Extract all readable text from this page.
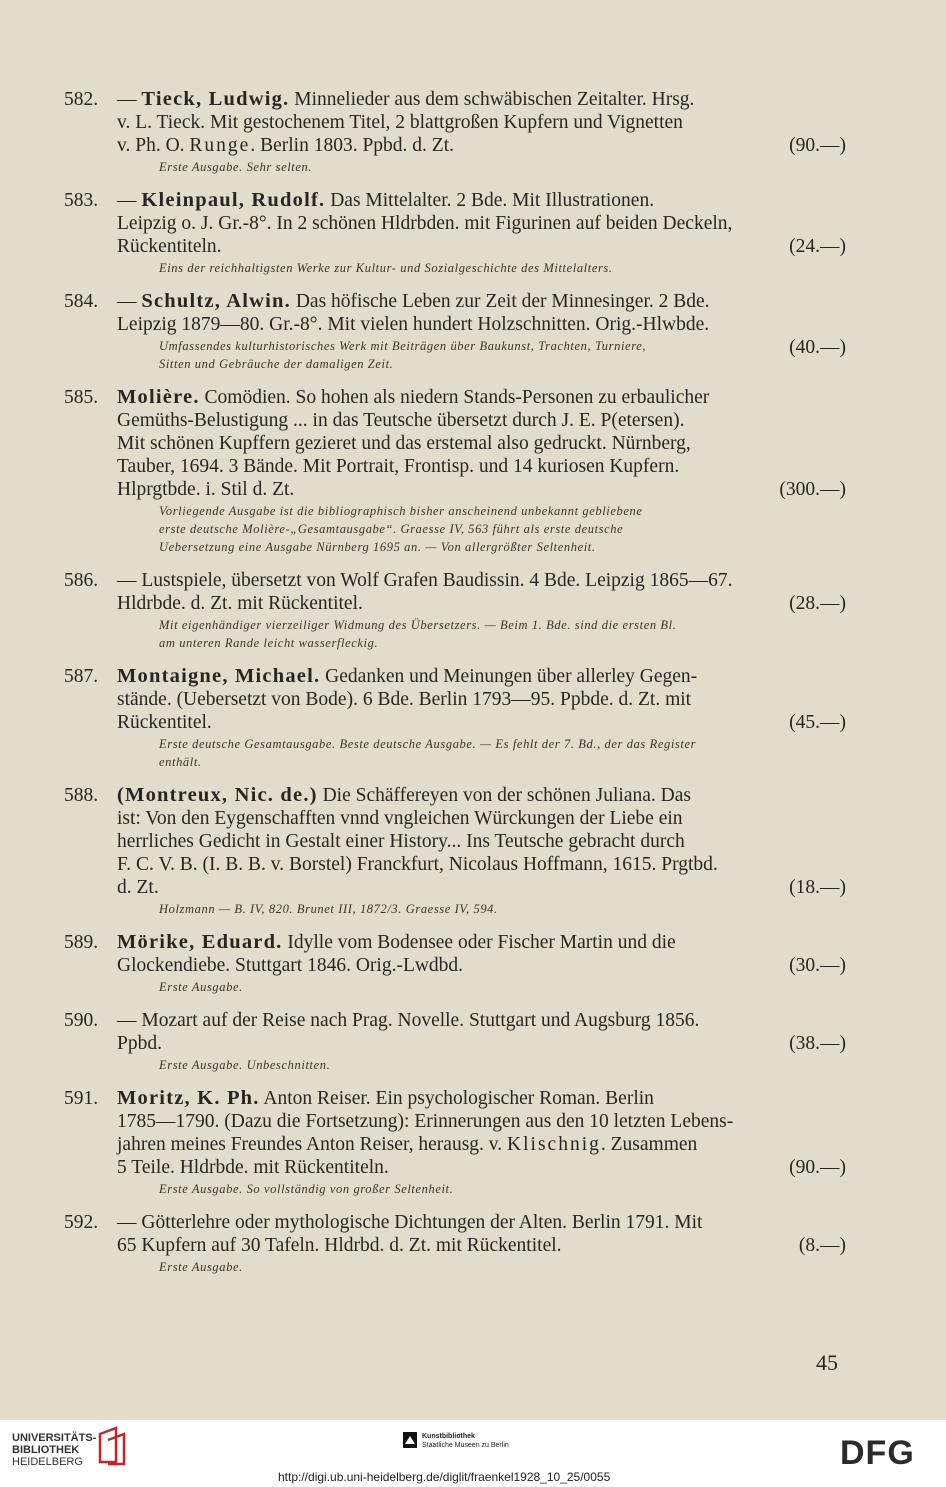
582. — Tieck, Ludwig. Minnelieder aus dem schwäbischen Zeitalter. Hrsg.
v. L. Tieck. Mit gestochenem Titel, 2 blattgroßen Kupfern und Vignetten
v. Ph. O. Runge. Berlin 1803. Ppbd. d. Zt.	(90.—)
Erste Ausgabe. Sehr selten.
583. — Kleinpaul, Rudolf. Das Mittelalter. 2 Bde. Mit Illustrationen.
Leipzig o. J. Gr.-8°. In 2 schönen Hldrbden. mit Figurinen auf beiden Deckeln,
Rückentiteln.	(24.—)
Eins der reichhaltigsten Werke zur Kultur- und Sozialgeschichte des Mittelalters.
584. — Schultz, Alwin. Das höfische Leben zur Zeit der Minnesinger. 2 Bde.
Leipzig 1879—80. Gr.-8°. Mit vielen hundert Holzschnitten. Orig.-Hlwbde.
(40.—)
Umfassendes kulturhistorisches Werk mit Beiträgen über Baukunst, Trachten, Turniere,
Sitten und Gebräuche der damaligen Zeit.
585. Molière. Comödien. So hohen als niedern Stands-Personen zu erbaulicher
Gemüths-Belustigung ... in das Teutsche übersetzt durch J. E. P(etersen).
Mit schönen Kupffern gezieret und das erstemal also gedruckt. Nürnberg,
Tauber, 1694. 3 Bände. Mit Portrait, Frontisp. und 14 kuriosen Kupfern.
Hlprgtbde. i. Stil d. Zt.	(300.—)
Vorliegende Ausgabe ist die bibliographisch bisher anscheinend unbekannt gebliebene
erste deutsche Molière-„Gesamtausgabe“. Graesse IV, 563 führt als erste deutsche
Uebersetzung eine Ausgabe Nürnberg 1695 an. — Von allergrößter Seltenheit.
586. — Lustspiele, übersetzt von Wolf Grafen Baudissin. 4 Bde. Leipzig 1865—67.
Hldrbde. d. Zt. mit Rückentitel.	(28.—)
Mit eigenhändiger vierzeiliger Widmung des Übersetzers. — Beim 1. Bde. sind die ersten Bl.
am unteren Rande leicht wasserfleckig.
587. Montaigne, Michael. Gedanken und Meinungen über allerley Gegen-
stände. (Uebersetzt von Bode). 6 Bde. Berlin 1793—95. Ppbde. d. Zt. mit
Rückentitel.	(45.—)
Erste deutsche Gesamtausgabe. Beste deutsche Ausgabe. — Es fehlt der 7. Bd., der das Register
enthält.
588. (Montreux, Nic. de.) Die Schäffereyen von der schönen Juliana. Das
ist: Von den Eygenschafften vnnd vngleichen Würckungen der Liebe ein
herrliches Gedicht in Gestalt einer History... Ins Teutsche gebracht durch
F. C. V. B. (I. B. B. v. Borstel) Franckfurt, Nicolaus Hoffmann, 1615. Prgtbd.
d. Zt.	(18.—)
Holzmann — B. IV, 820. Brunet III, 1872/3. Graesse IV, 594.
589. Mörike, Eduard. Idylle vom Bodensee oder Fischer Martin und die
Glockendiebe. Stuttgart 1846. Orig.-Lwdbd.	(30.—)
Erste Ausgabe.
590. — Mozart auf der Reise nach Prag. Novelle. Stuttgart und Augsburg 1856.
Ppbd.	(38.—)
Erste Ausgabe. Unbeschnitten.
591. Moritz, K. Ph. Anton Reiser. Ein psychologischer Roman. Berlin
1785—1790. (Dazu die Fortsetzung): Erinnerungen aus den 10 letzten Lebens-
jahren meines Freundes Anton Reiser, herausg. v. Klischnig. Zusammen
5 Teile. Hldrbde. mit Rückentiteln.	(90.—)
Erste Ausgabe. So vollständig von großer Seltenheit.
592. — Götterlehre oder mythologische Dichtungen der Alten. Berlin 1791. Mit
65 Kupfern auf 30 Tafeln. Hldrbd. d. Zt. mit Rückentitel.	(8.—)
Erste Ausgabe.
45
UNIVERSITÄTS-
BIBLIOTHEK
HEIDELBERG
Kunstbibliothek
Staatliche Museen zu Berlin	DFG
http://digi.ub.uni-heidelberg.de/diglit/fraenkel1928_10_25/0055
